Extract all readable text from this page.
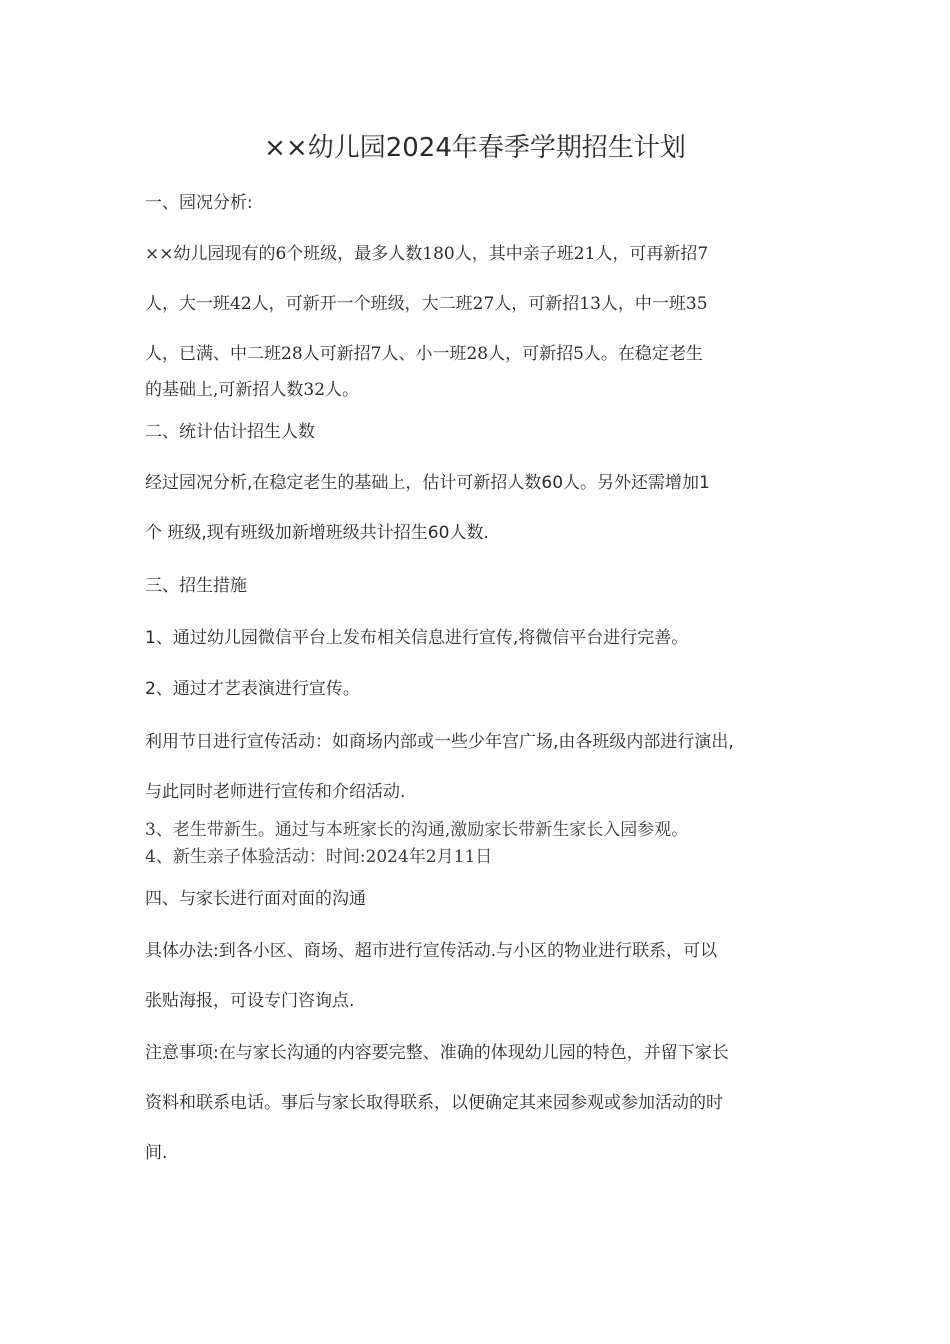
××幼儿园2024年春季学期招生计划
一、园况分析:
××幼儿园现有的6个班级，最多人数180人，其中亲子班21人，可再新招7
人，大一班42人，可新开一个班级，大二班27人，可新招13人，中一班35
人，已满、中二班28人可新招7人、小一班28人，可新招5人。在稳定老生
的基础上,可新招人数32人。
二、统计估计招生人数
经过园况分析,在稳定老生的基础上，估计可新招人数60人。另外还需增加1
个 班级,现有班级加新增班级共计招生60人数.
三、招生措施
1、通过幼儿园微信平台上发布相关信息进行宣传,将微信平台进行完善。
2、通过才艺表演进行宣传。
利用节日进行宣传活动：如商场内部或一些少年宫广场,由各班级内部进行演出,
与此同时老师进行宣传和介绍活动.
3、老生带新生。通过与本班家长的沟通,激励家长带新生家长入园参观。
4、新生亲子体验活动：时间:2024年2月11日
四、与家长进行面对面的沟通
具体办法:到各小区、商场、超市进行宣传活动.与小区的物业进行联系，可以
张贴海报，可设专门咨询点.
注意事项:在与家长沟通的内容要完整、准确的体现幼儿园的特色，并留下家长
资料和联系电话。事后与家长取得联系，以便确定其来园参观或参加活动的时
间.
